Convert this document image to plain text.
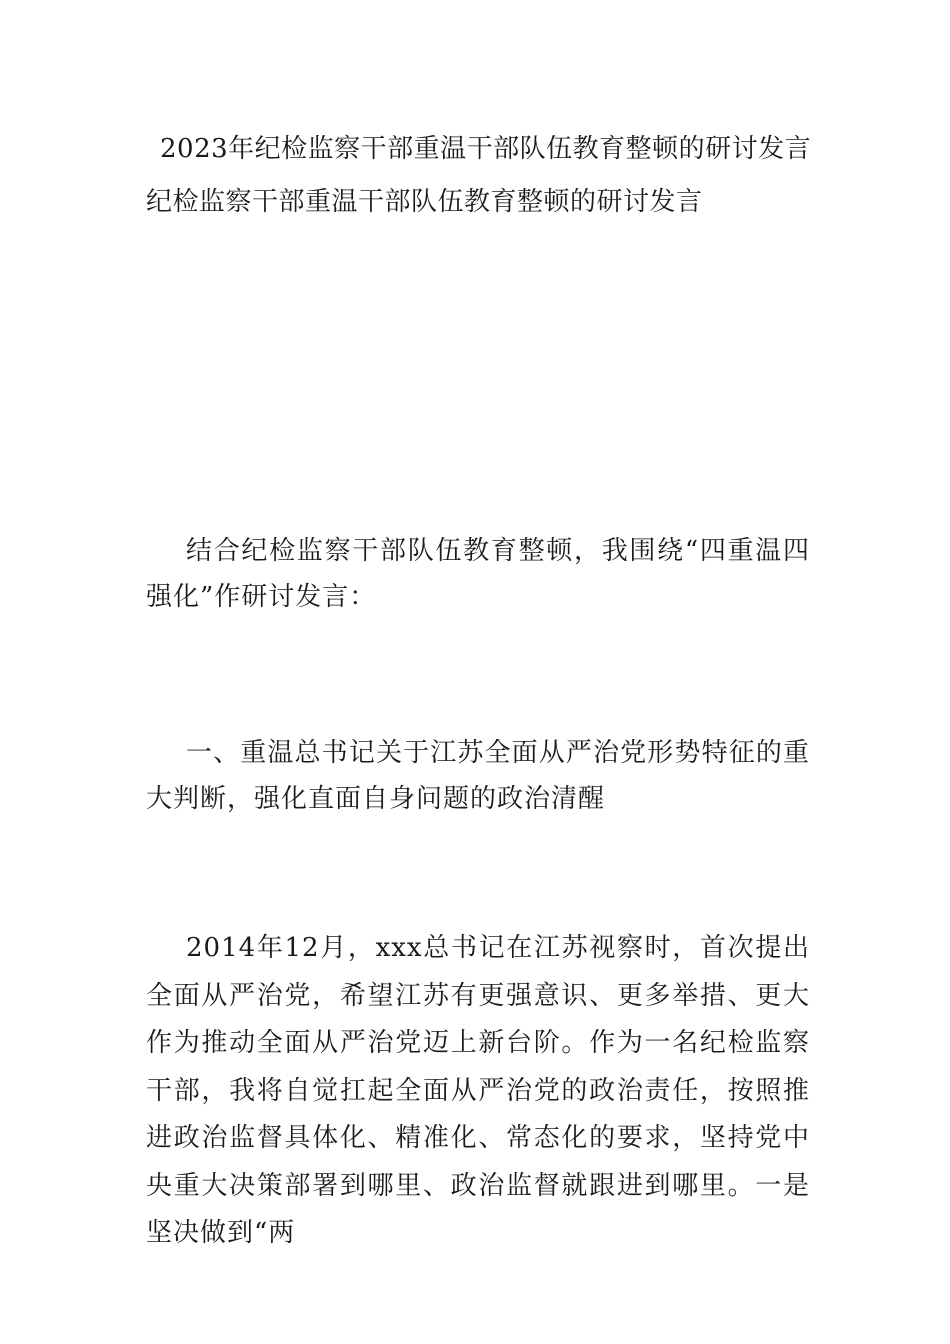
2023年纪检监察干部重温干部队伍教育整顿的研讨发言
纪检监察干部重温干部队伍教育整顿的研讨发言
结合纪检监察干部队伍教育整顿，我围绕“四重温四强化”作研讨发言：
一、重温总书记关于江苏全面从严治党形势特征的重大判断，强化直面自身问题的政治清醒
2014年12月，xxx总书记在江苏视察时，首次提出全面从严治党，希望江苏有更强意识、更多举措、更大作为推动全面从严治党迈上新台阶。作为一名纪检监察干部，我将自觉扛起全面从严治党的政治责任，按照推进政治监督具体化、精准化、常态化的要求，坚持党中央重大决策部署到哪里、政治监督就跟进到哪里。一是坚决做到“两
